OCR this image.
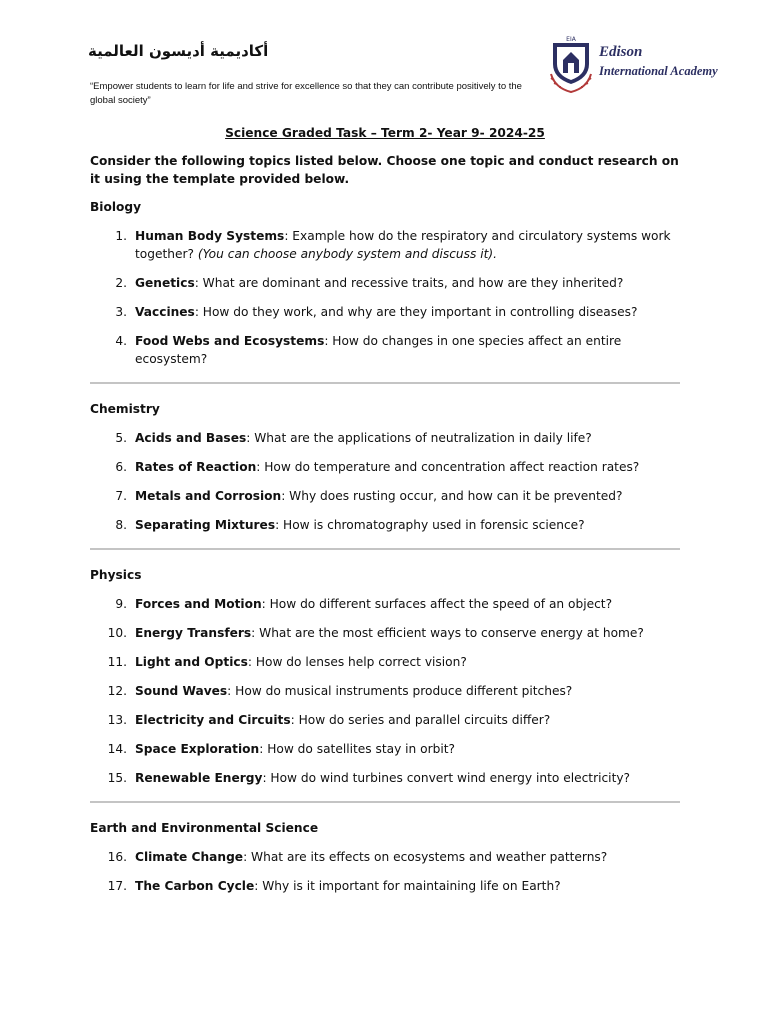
أكاديمية أديسون العالمية
“Empower students to learn for life and strive for excellence so that they can contribute positively to the global society”
EIA
Edison
International Academy
Science Graded Task – Term 2- Year 9- 2024-25
Consider the following topics listed below. Choose one topic and conduct research on it using the template provided below.
Biology
1. Human Body Systems: Example how do the respiratory and circulatory systems work together? (You can choose anybody system and discuss it).
2. Genetics: What are dominant and recessive traits, and how are they inherited?
3. Vaccines: How do they work, and why are they important in controlling diseases?
4. Food Webs and Ecosystems: How do changes in one species affect an entire ecosystem?
Chemistry
5. Acids and Bases: What are the applications of neutralization in daily life?
6. Rates of Reaction: How do temperature and concentration affect reaction rates?
7. Metals and Corrosion: Why does rusting occur, and how can it be prevented?
8. Separating Mixtures: How is chromatography used in forensic science?
Physics
9. Forces and Motion: How do different surfaces affect the speed of an object?
10. Energy Transfers: What are the most efficient ways to conserve energy at home?
11. Light and Optics: How do lenses help correct vision?
12. Sound Waves: How do musical instruments produce different pitches?
13. Electricity and Circuits: How do series and parallel circuits differ?
14. Space Exploration: How do satellites stay in orbit?
15. Renewable Energy: How do wind turbines convert wind energy into electricity?
Earth and Environmental Science
16. Climate Change: What are its effects on ecosystems and weather patterns?
17. The Carbon Cycle: Why is it important for maintaining life on Earth?
